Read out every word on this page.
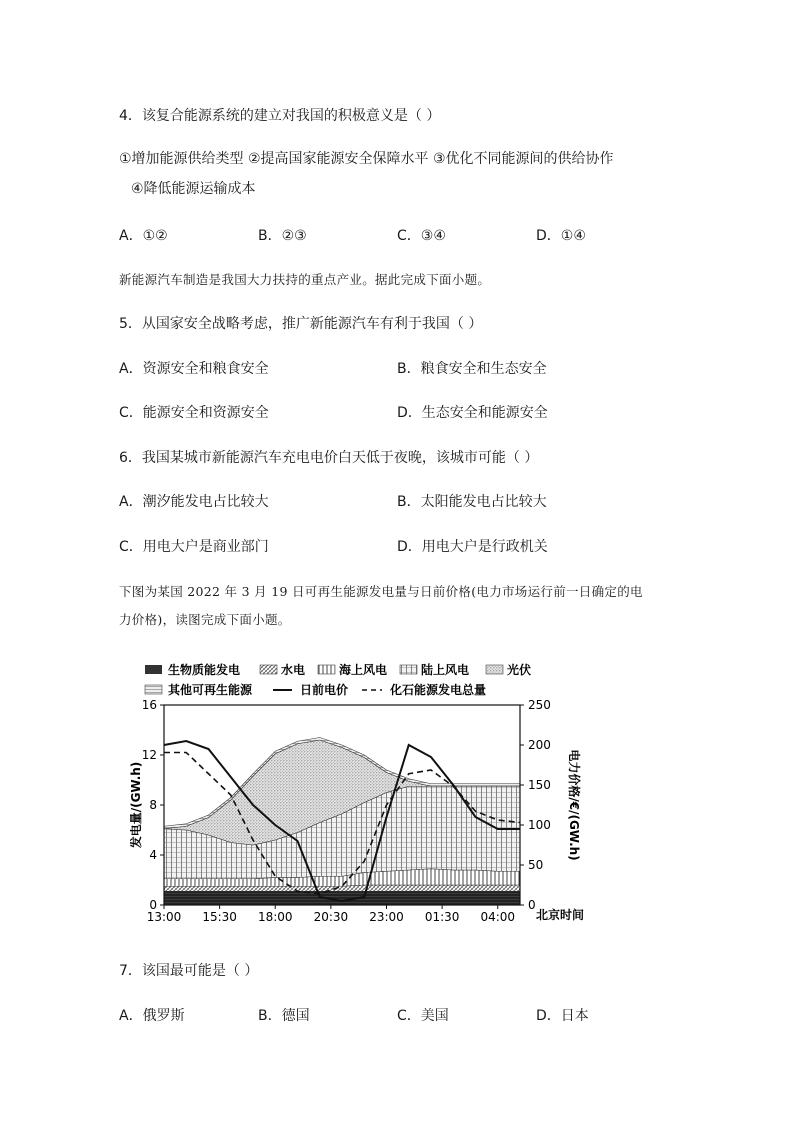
4．该复合能源系统的建立对我国的积极意义是（ ）
①增加能源供给类型 ②提高国家能源安全保障水平 ③优化不同能源间的供给协作
④降低能源运输成本
A．①②	B．②③	C．③④	D．①④
新能源汽车制造是我国大力扶持的重点产业。据此完成下面小题。
5．从国家安全战略考虑，推广新能源汽车有利于我国（ ）
A．资源安全和粮食安全	B．粮食安全和生态安全
C．能源安全和资源安全	D．生态安全和能源安全
6．我国某城市新能源汽车充电电价白天低于夜晚，该城市可能（ ）
A．潮汐能发电占比较大	B．太阳能发电占比较大
C．用电大户是商业部门	D．用电大户是行政机关
下图为某国 2022 年 3 月 19 日可再生能源发电量与日前价格(电力市场运行前一日确定的电
力价格)，读图完成下面小题。
生物质能发电	水电	海上风电	陆上风电	光伏
其他可再生能源	日前电价	化石能源发电总量
0
4
8
12
16
0
50
100
150
200
250
13:00 15:30 18:00 20:30 23:00 01:30 04:00
发电量/(GW.h)	电力价格/€/(GW.h)
北京时间
7．该国最可能是（ ）
A．俄罗斯	B．德国	C．美国	D．日本
